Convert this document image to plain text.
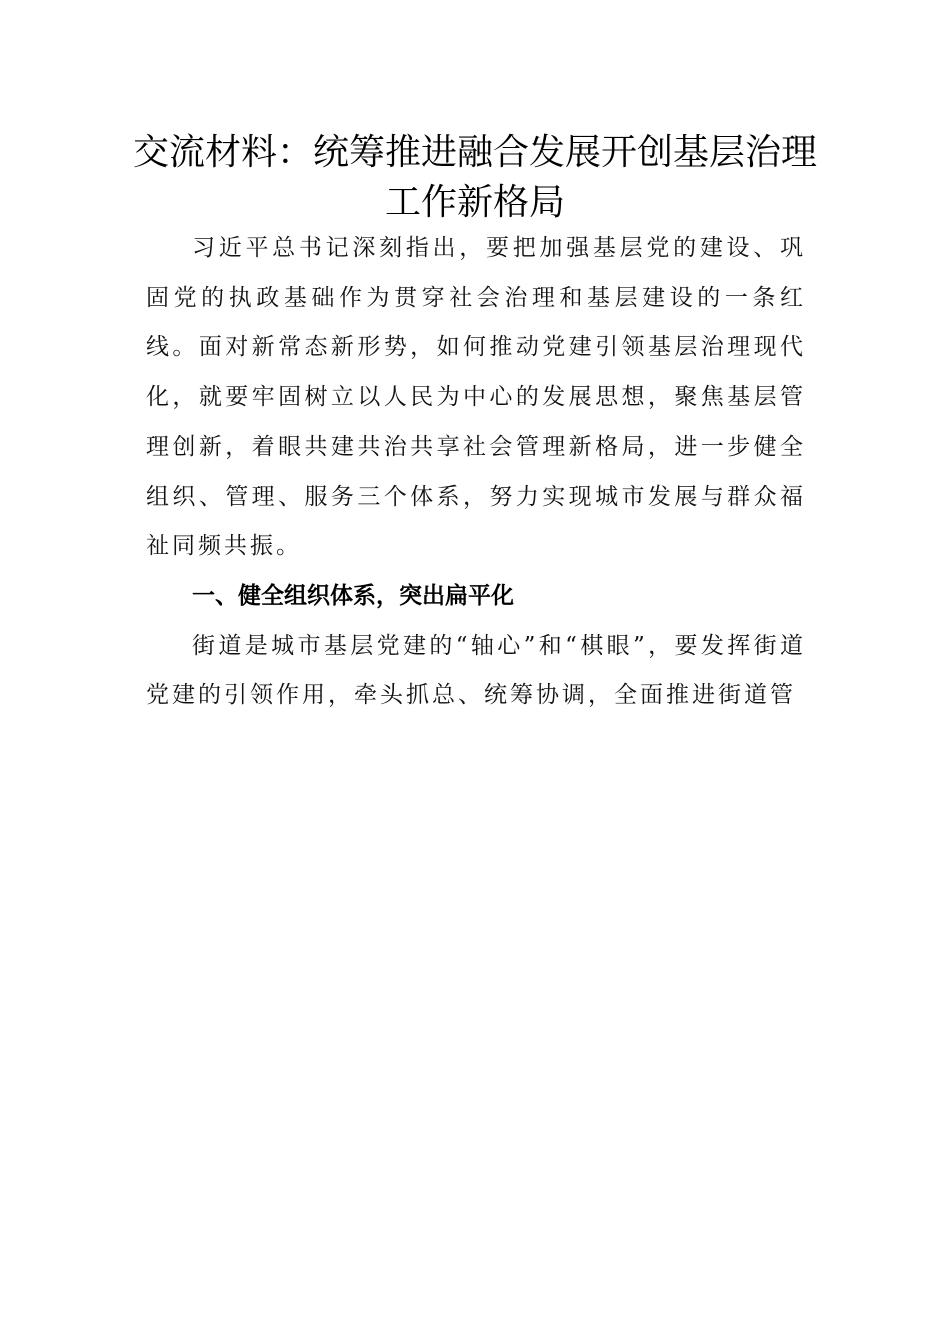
交流材料：统筹推进融合发展开创基层治理工作新格局

习近平总书记深刻指出，要把加强基层党的建设、巩固党的执政基础作为贯穿社会治理和基层建设的一条红线。面对新常态新形势，如何推动党建引领基层治理现代化，就要牢固树立以人民为中心的发展思想，聚焦基层管理创新，着眼共建共治共享社会管理新格局，进一步健全组织、管理、服务三个体系，努力实现城市发展与群众福祉同频共振。

一、健全组织体系，突出扁平化

街道是城市基层党建的“轴心”和“棋眼”，要发挥街道党建的引领作用，牵头抓总、统筹协调，全面推进街道管
